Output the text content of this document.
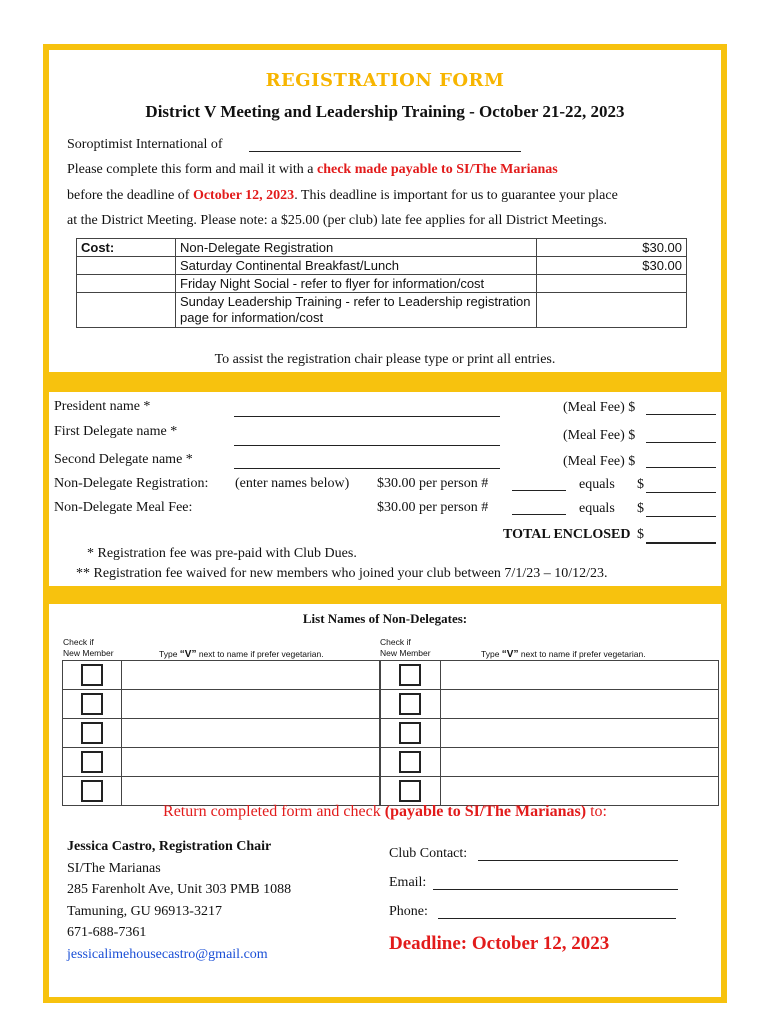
REGISTRATION FORM
District V Meeting and Leadership Training - October 21-22, 2023
Soroptimist International of
Please complete this form and mail it with a check made payable to SI/The Marianas
before the deadline of October 12, 2023. This deadline is important for us to guarantee your place
at the District Meeting. Please note: a $25.00 (per club) late fee applies for all District Meetings.
Cost:	Non-Delegate Registration	$30.00
	Saturday Continental Breakfast/Lunch	$30.00
	Friday Night Social - refer to flyer for information/cost	
	Sunday Leadership Training - refer to Leadership registration page for information/cost	
To assist the registration chair please type or print all entries.
President name *	(Meal Fee) $
First Delegate name *	(Meal Fee) $
Second Delegate name *	(Meal Fee) $
Non-Delegate Registration: (enter names below) $30.00 per person #	equals $
Non-Delegate Meal Fee:	$30.00 per person #	equals $
TOTAL ENCLOSED $
* Registration fee was pre-paid with Club Dues.
** Registration fee waived for new members who joined your club between 7/1/23 – 10/12/23.
List Names of Non-Delegates:
Check if
New Member	Type “V” next to name if prefer vegetarian.
Check if
New Member	Type “V” next to name if prefer vegetarian.

Return completed form and check (payable to SI/The Marianas) to:
Jessica Castro, Registration Chair
SI/The Marianas
285 Farenholt Ave, Unit 303 PMB 1088
Tamuning, GU 96913-3217
671-688-7361
jessicalimehousecastro@gmail.com
Club Contact:
Email:
Phone:
Deadline: October 12, 2023
